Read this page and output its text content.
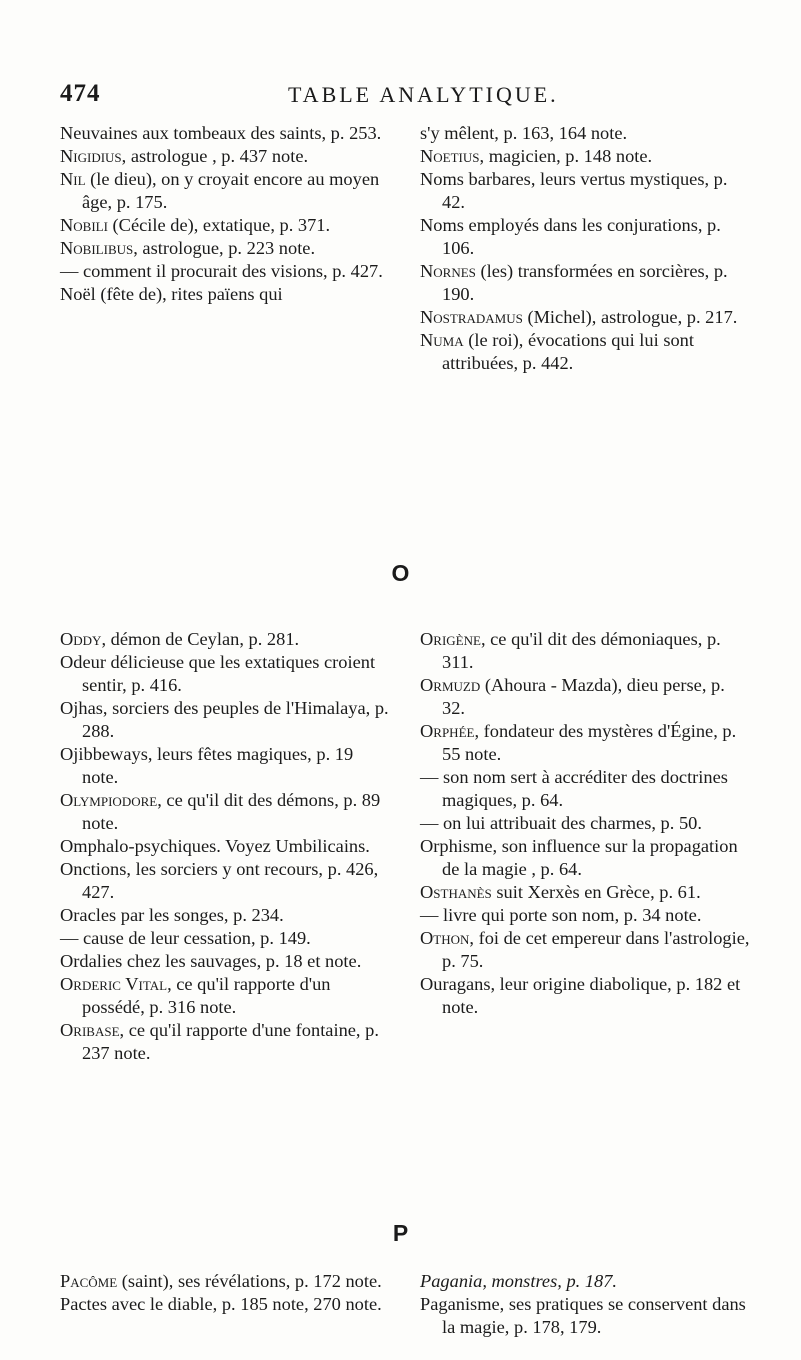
474	TABLE ANALYTIQUE.
Neuvaines aux tombeaux des saints, p. 253.
Nigidius, astrologue , p. 437 note.
Nil (le dieu), on y croyait encore au moyen âge, p. 175.
Nobili (Cécile de), extatique, p. 371.
Nobilibus, astrologue, p. 223 note.
— comment il procurait des visions, p. 427.
Noël (fête de), rites païens qui
s'y mêlent, p. 163, 164 note.
Noetius, magicien, p. 148 note.
Noms barbares, leurs vertus mystiques, p. 42.
Noms employés dans les conjurations, p. 106.
Nornes (les) transformées en sorcières, p. 190.
Nostradamus (Michel), astrologue, p. 217.
Numa (le roi), évocations qui lui sont attribuées, p. 442.
O
Oddy, démon de Ceylan, p. 281.
Odeur délicieuse que les extatiques croient sentir, p. 416.
Ojhas, sorciers des peuples de l'Himalaya, p. 288.
Ojibbeways, leurs fêtes magiques, p. 19 note.
Olympiodore, ce qu'il dit des démons, p. 89 note.
Omphalo-psychiques. Voyez Umbilicains.
Onctions, les sorciers y ont recours, p. 426, 427.
Oracles par les songes, p. 234.
— cause de leur cessation, p. 149.
Ordalies chez les sauvages, p. 18 et note.
Orderic Vital, ce qu'il rapporte d'un possédé, p. 316 note.
Oribase, ce qu'il rapporte d'une fontaine, p. 237 note.
Origène, ce qu'il dit des démoniaques, p. 311.
Ormuzd (Ahoura - Mazda), dieu perse, p. 32.
Orphée, fondateur des mystères d'Égine, p. 55 note.
— son nom sert à accréditer des doctrines magiques, p. 64.
— on lui attribuait des charmes, p. 50.
Orphisme, son influence sur la propagation de la magie , p. 64.
Osthanès suit Xerxès en Grèce, p. 61.
— livre qui porte son nom, p. 34 note.
Othon, foi de cet empereur dans l'astrologie, p. 75.
Ouragans, leur origine diabolique, p. 182 et note.
P
Pacôme (saint), ses révélations, p. 172 note.
Pactes avec le diable, p. 185 note, 270 note.
Pagania, monstres, p. 187.
Paganisme, ses pratiques se conservent dans la magie, p. 178, 179.
